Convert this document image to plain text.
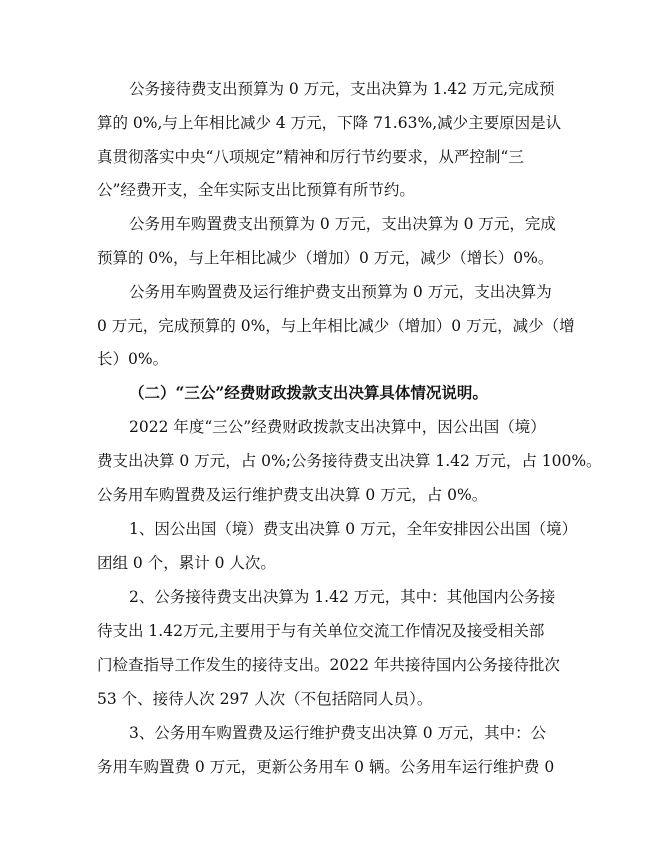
公务接待费支出预算为 0 万元，支出决算为 1.42 万元,完成预
算的 0%,与上年相比减少 4 万元，下降 71.63%,减少主要原因是认
真贯彻落实中央“八项规定”精神和厉行节约要求，从严控制“三
公”经费开支，全年实际支出比预算有所节约。
公务用车购置费支出预算为 0 万元，支出决算为 0 万元，完成
预算的 0%，与上年相比减少（增加）0 万元，减少（增长）0%。
公务用车购置费及运行维护费支出预算为 0 万元，支出决算为
0 万元，完成预算的 0%，与上年相比减少（增加）0 万元，减少（增
长）0%。
（二）“三公”经费财政拨款支出决算具体情况说明。
2022 年度“三公”经费财政拨款支出决算中，因公出国（境）
费支出决算 0 万元，占 0%;公务接待费支出决算 1.42 万元，占 100%。
公务用车购置费及运行维护费支出决算 0 万元，占 0%。
1、因公出国（境）费支出决算 0 万元，全年安排因公出国（境）
团组 0 个，累计 0 人次。
2、公务接待费支出决算为 1.42 万元，其中：其他国内公务接
待支出 1.42万元,主要用于与有关单位交流工作情况及接受相关部
门检查指导工作发生的接待支出。2022 年共接待国内公务接待批次
53 个、接待人次 297 人次（不包括陪同人员）。
3、公务用车购置费及运行维护费支出决算 0 万元，其中：公
务用车购置费 0 万元，更新公务用车 0 辆。公务用车运行维护费 0
